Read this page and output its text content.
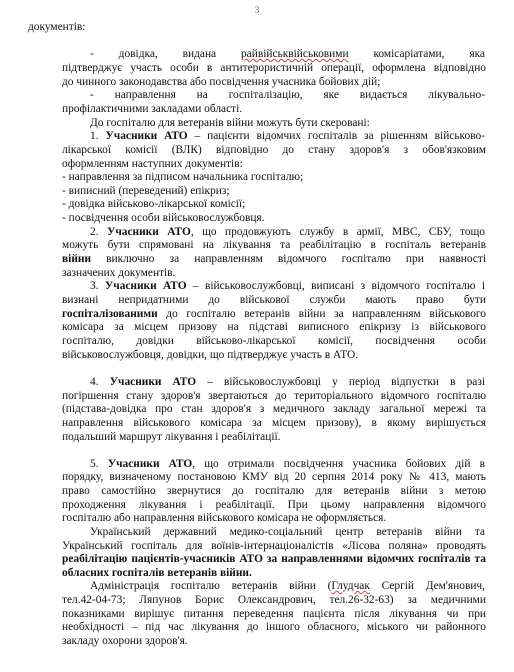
3
документів:
- довідка, видана райвійськвійськовими комісаріатами, яка
підтверджує участь особи в антитерористичній операції, оформлена відповідно
до чинного законодавства або посвідчення учасника бойових дій;
- направлення на госпіталізацію, яке видається лікувально-
профілактичними закладами області.
До госпіталю для ветеранів війни можуть бути скеровані:
1. Учасники АТО – пацієнти відомчих госпіталів за рішенням військово-
лікарської комісії (ВЛК) відповідно до стану здоров'я з обов'язковим
оформленням наступних документів:
- направлення за підписом начальника госпіталю;
- виписний (переведений) епікриз;
- довідка військово-лікарської комісії;
- посвідчення особи військовослужбовця.
2. Учасники АТО, що продовжують службу в армії, МВС, СБУ, тощо
можуть бути спрямовані на лікування та реабілітацію в госпіталь ветеранів
війни виключно за направленням відомчого госпіталю при наявності
зазначених документів.
3. Учасники АТО – військовослужбовці, виписані з відомчого госпіталю і
визнані непридатними до військової служби мають право бути
госпіталізованими до госпіталю ветеранів війни за направленням військового
комісара за місцем призову на підставі виписного епікризу із військового
госпіталю, довідки військово-лікарської комісії, посвідчення особи
військовослужбовця, довідки, що підтверджує участь в АТО.
4. Учасники АТО – військовослужбовці у період відпустки в разі
погіршення стану здоров'я звертаються до територіального відомчого госпіталю
(підстава-довідка про стан здоров'я з медичного закладу загальної мережі та
направлення військового комісара за місцем призову), в якому вирішується
подальший маршрут лікування і реабілітації.
5. Учасники АТО, що отримали посвідчення учасника бойових дій в
порядку, визначеному постановою КМУ від 20 серпня 2014 року № 413, мають
право самостійно звернутися до госпіталю для ветеранів війни з метою
проходження лікування і реабілітації. При цьому направлення відомчого
госпіталю або направлення військового комісара не оформляється.
Український державний медико-соціальний центр ветеранів війни та
Український госпіталь для воїнів-інтернаціоналістів «Лісова поляна» проводять
реабілітацію пацієнтів-учасників АТО за направленнями відомчих госпіталів та
обласних госпіталів ветеранів війни.
Адміністрація госпіталю ветеранів війни (Глудчак Сергій Дем'янович,
тел.42-04-73; Ляпунов Борис Олександрович, тел.26-32-63) за медичними
показниками вирішує питання переведення пацієнта після лікування чи при
необхідності – під час лікування до іншого обласного, міського чи районного
закладу охорони здоров'я.
